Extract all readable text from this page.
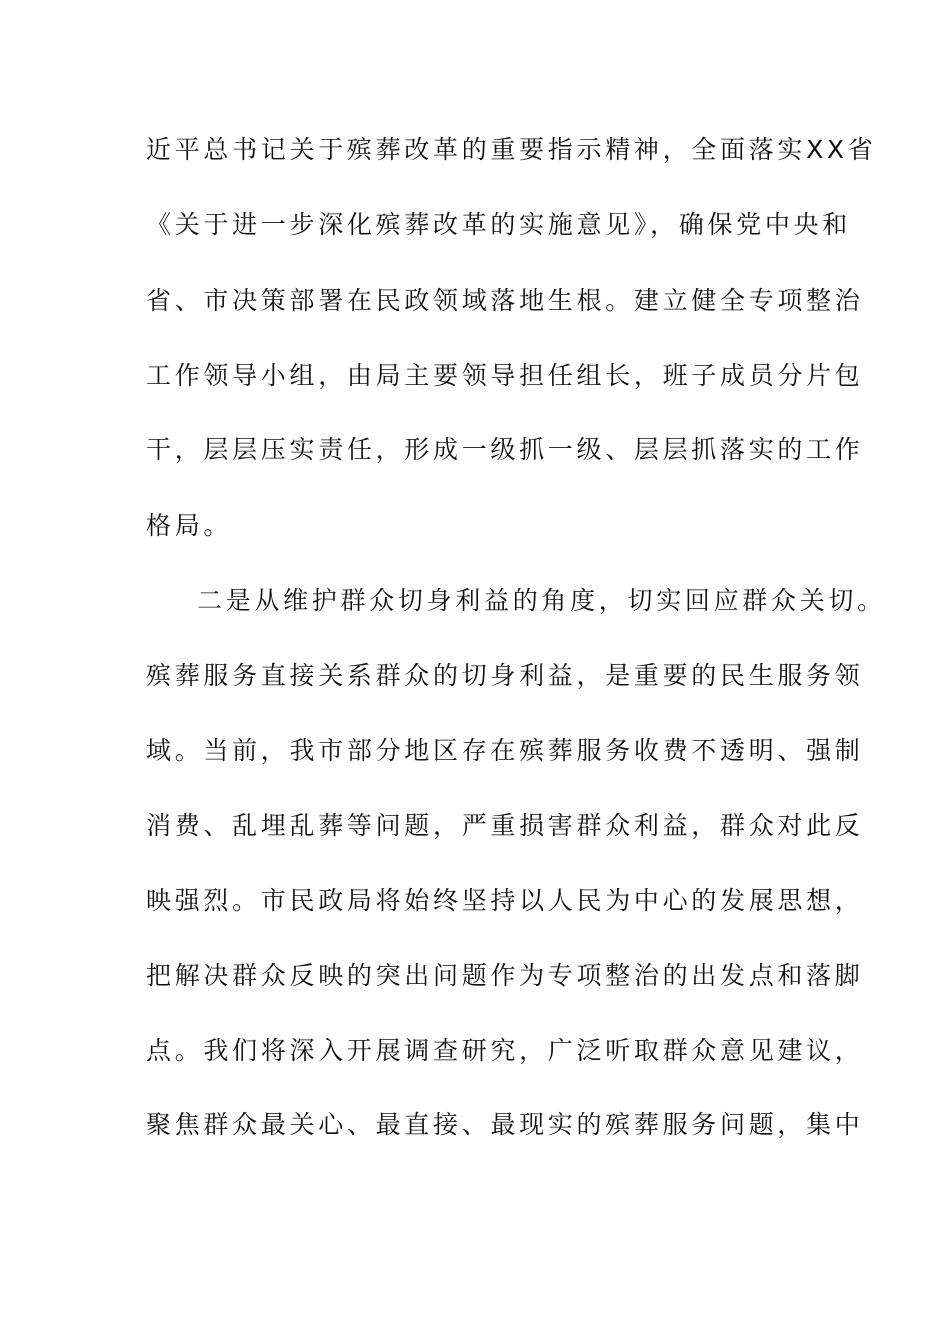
近平总书记关于殡葬改革的重要指示精神，全面落实XX省
《关于进一步深化殡葬改革的实施意见》，确保党中央和
省、市决策部署在民政领域落地生根。建立健全专项整治
工作领导小组，由局主要领导担任组长，班子成员分片包
干，层层压实责任，形成一级抓一级、层层抓落实的工作
格局。
二是从维护群众切身利益的角度，切实回应群众关切。
殡葬服务直接关系群众的切身利益，是重要的民生服务领
域。当前，我市部分地区存在殡葬服务收费不透明、强制
消费、乱埋乱葬等问题，严重损害群众利益，群众对此反
映强烈。市民政局将始终坚持以人民为中心的发展思想，
把解决群众反映的突出问题作为专项整治的出发点和落脚
点。我们将深入开展调查研究，广泛听取群众意见建议，
聚焦群众最关心、最直接、最现实的殡葬服务问题，集中
